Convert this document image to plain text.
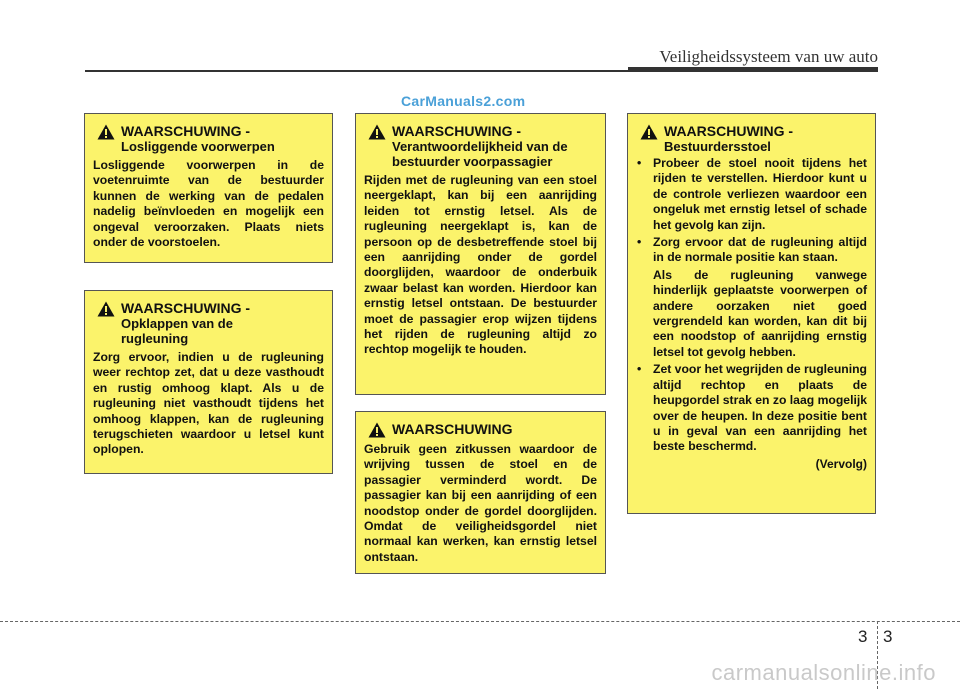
Veiligheidssysteem van uw auto
CarManuals2.com
WAARSCHUWING -
Losliggende voorwerpen
Losliggende voorwerpen in de voetenruimte van de bestuurder kunnen de werking van de pedalen nadelig beïnvloeden en mogelijk een ongeval veroorzaken. Plaats niets onder de voorstoelen.
WAARSCHUWING -
Opklappen van de rugleuning
Zorg ervoor, indien u de rugleuning weer rechtop zet, dat u deze vasthoudt en rustig omhoog klapt. Als u de rugleuning niet vasthoudt tijdens het omhoog klappen, kan de rugleuning terugschieten waardoor u letsel kunt oplopen.
WAARSCHUWING -
Verantwoordelijkheid van de bestuurder voorpassagier
Rijden met de rugleuning van een stoel neergeklapt, kan bij een aanrijding leiden tot ernstig letsel. Als de rugleuning neergeklapt is, kan de persoon op de desbetreffende stoel bij een aanrijding onder de gordel doorglijden, waardoor de onderbuik zwaar belast kan worden. Hierdoor kan ernstig letsel ontstaan. De bestuurder moet de passagier erop wijzen tijdens het rijden de rugleuning altijd zo rechtop mogelijk te houden.
WAARSCHUWING
Gebruik geen zitkussen waardoor de wrijving tussen de stoel en de passagier verminderd wordt. De passagier kan bij een aanrijding of een noodstop onder de gordel doorglijden. Omdat de veiligheidsgordel niet normaal kan werken, kan ernstig letsel ontstaan.
WAARSCHUWING -
Bestuurdersstoel
• Probeer de stoel nooit tijdens het rijden te verstellen. Hierdoor kunt u de controle verliezen waardoor een ongeluk met ernstig letsel of schade het gevolg kan zijn.
• Zorg ervoor dat de rugleuning altijd in de normale positie kan staan.
Als de rugleuning vanwege hinderlijk geplaatste voorwerpen of andere oorzaken niet goed vergrendeld kan worden, kan dit bij een noodstop of aanrijding ernstig letsel tot gevolg hebben.
• Zet voor het wegrijden de rugleuning altijd rechtop en plaats de heupgordel strak en zo laag mogelijk over de heupen. In deze positie bent u in geval van een aanrijding het beste beschermd.
(Vervolg)
3 3
carmanualsonline.info
